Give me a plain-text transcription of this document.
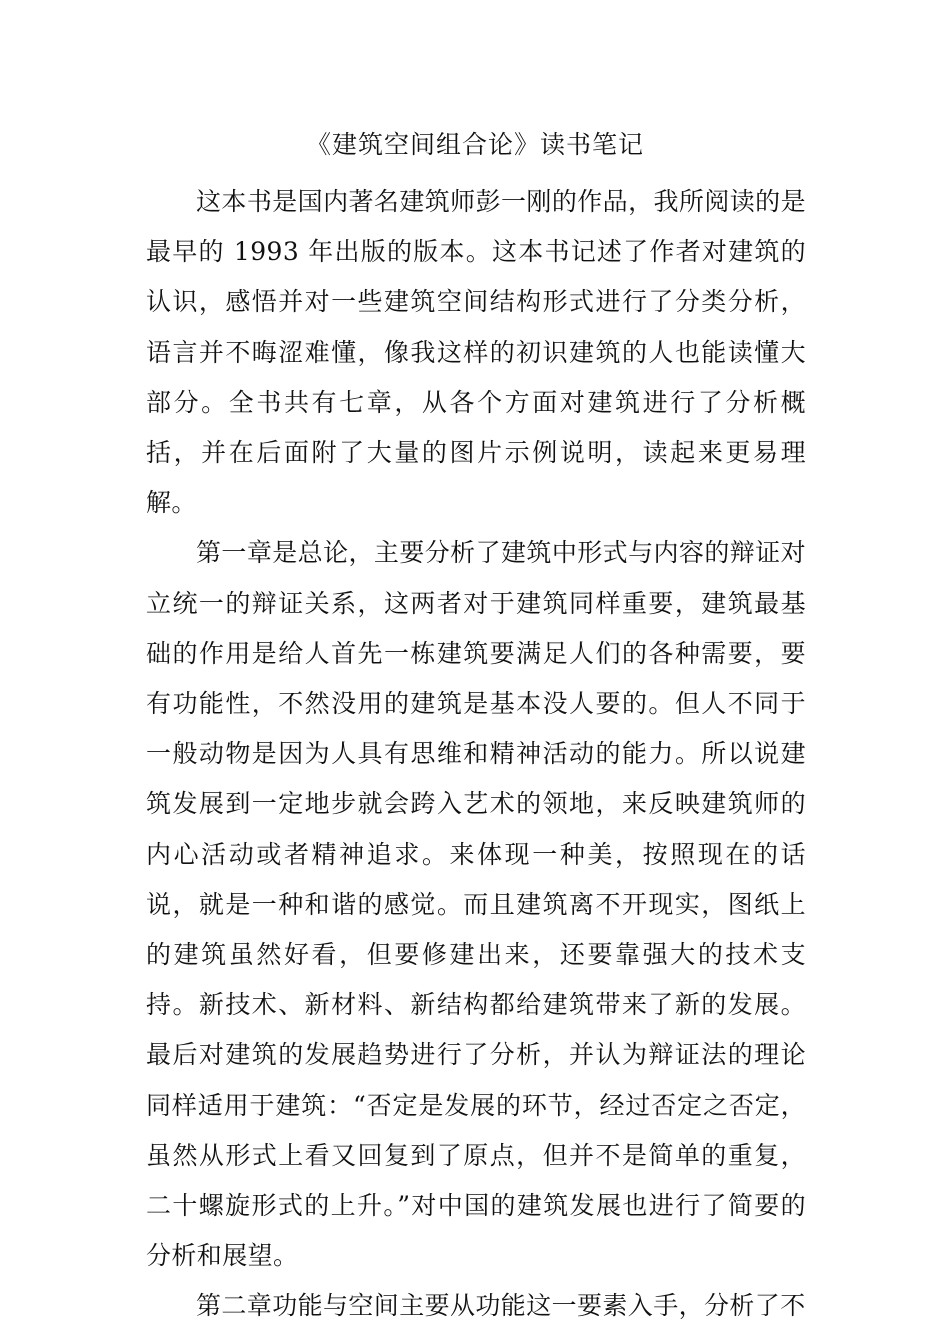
《建筑空间组合论》读书笔记

这本书是国内著名建筑师彭一刚的作品，我所阅读的是最早的 1993 年出版的版本。这本书记述了作者对建筑的认识，感悟并对一些建筑空间结构形式进行了分类分析，语言并不晦涩难懂，像我这样的初识建筑的人也能读懂大部分。全书共有七章，从各个方面对建筑进行了分析概括，并在后面附了大量的图片示例说明，读起来更易理解。

第一章是总论，主要分析了建筑中形式与内容的辩证对立统一的辩证关系，这两者对于建筑同样重要，建筑最基础的作用是给人首先一栋建筑要满足人们的各种需要，要有功能性，不然没用的建筑是基本没人要的。但人不同于一般动物是因为人具有思维和精神活动的能力。所以说建筑发展到一定地步就会跨入艺术的领地，来反映建筑师的内心活动或者精神追求。来体现一种美，按照现在的话说，就是一种和谐的感觉。而且建筑离不开现实，图纸上的建筑虽然好看，但要修建出来，还要靠强大的技术支持。新技术、新材料、新结构都给建筑带来了新的发展。最后对建筑的发展趋势进行了分析，并认为辩证法的理论同样适用于建筑：“否定是发展的环节，经过否定之否定，虽然从形式上看又回复到了原点，但并不是简单的重复，二十螺旋形式的上升。”对中国的建筑发展也进行了简要的分析和展望。

第二章功能与空间主要从功能这一要素入手，分析了不
